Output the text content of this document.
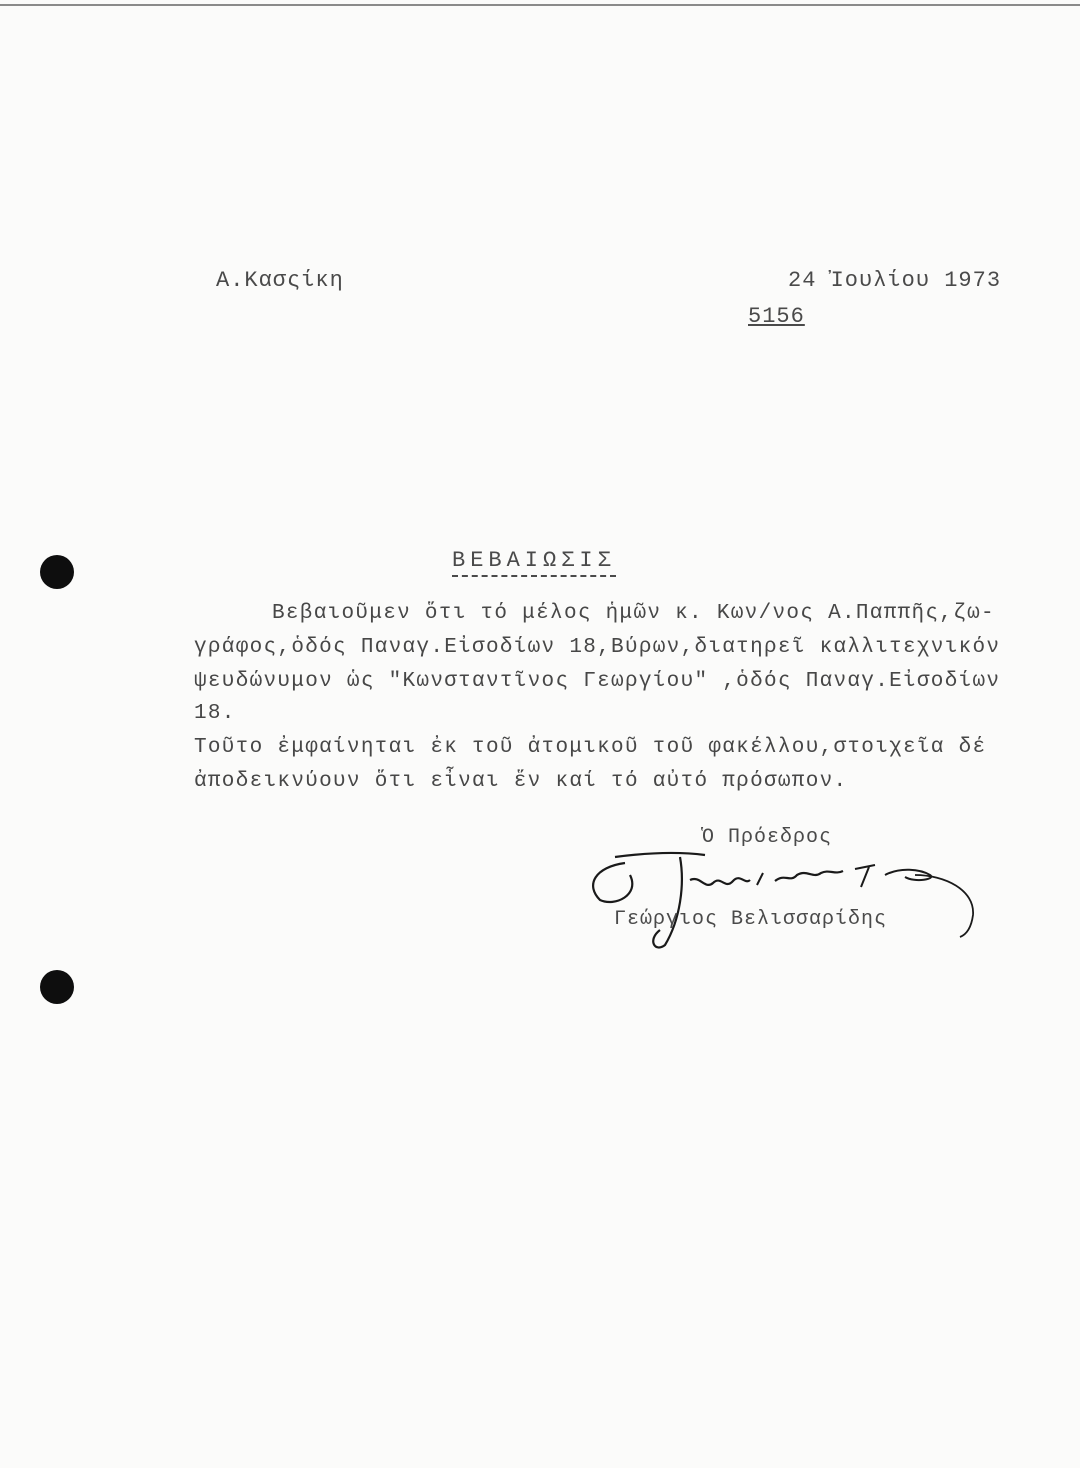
Α.Κασςίκη	24 Ἰουλίου 1973
5156
ΒΕΒΑΙΩΣΙΣ
Βεβαιοῦμεν ὅτι τό μέλος ἡμῶν κ. Κων/νος Α.Παππῆς,ζω-
γράφος,ὁδός Παναγ.Εἰσοδίων 18,Βύρων,διατηρεῖ καλλιτεχνικόν
ψευδώνυμον ὡς "Κωνσταντῖνος Γεωργίου" ,ὁδός Παναγ.Εἰσοδίων
18.
Τοῦτο ἐμφαίνηται ἐκ τοῦ ἀτομικοῦ τοῦ φακέλλου,στοιχεῖα δέ
ἀποδεικνύουν ὅτι εἶναι ἕν καί τό αὐτό πρόσωπον.
Ὁ Πρόεδρος
Γεώργιος Βελισσαρίδης
